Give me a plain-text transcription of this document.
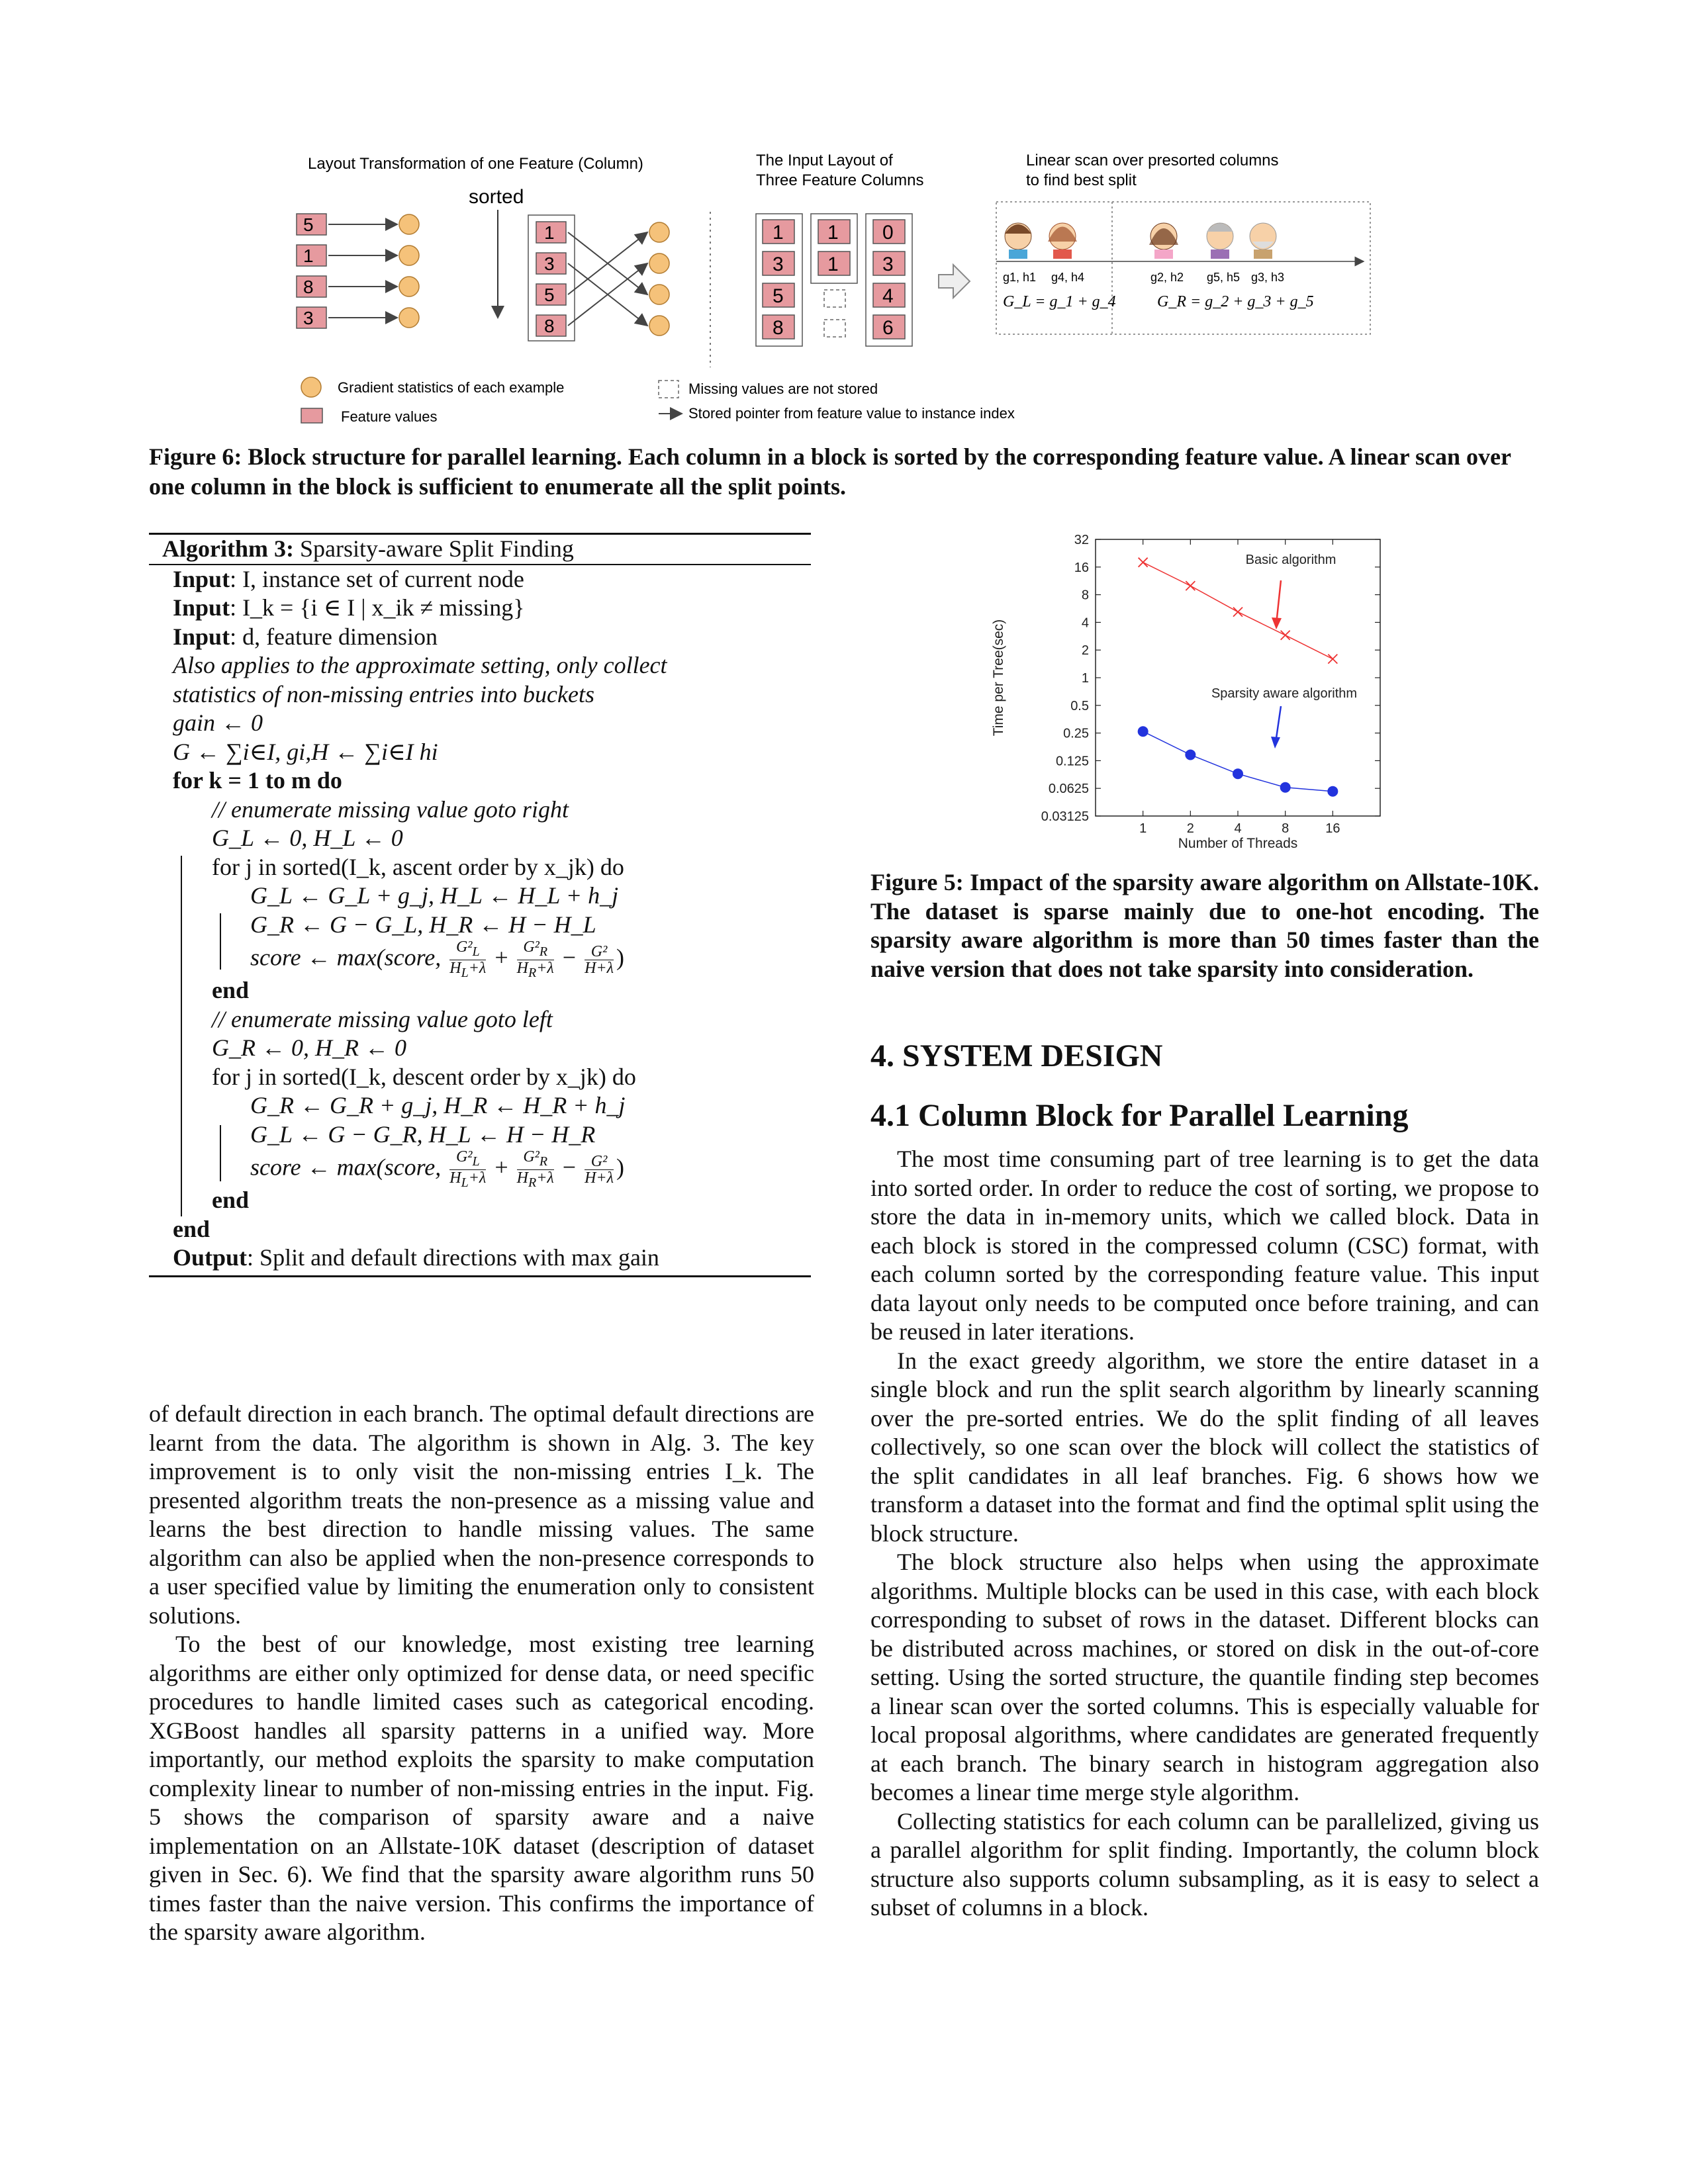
Layout Transformation of one Feature (Column)
sorted
5
1
8
3
1
3
5
8
The Input Layout of
Three Feature Columns
1
3
5
8
1
1
0
3
4
6
Linear scan over presorted columns
to find best split
g1, h1 g4, h4	g2, h2 g5, h5 g3, h3
G_L = g_1 + g_4	G_R = g_2 + g_3 + g_5
Gradient statistics of each example
Feature values
Missing values are not stored
Stored pointer from feature value to instance index
Figure 6: Block structure for parallel learning. Each column in a block is sorted by the corresponding feature value. A linear scan over one column in the block is sufficient to enumerate all the split points.
Algorithm 3: Sparsity-aware Split Finding
Input: I, instance set of current node
Input: I_k = {i ∈ I | x_ik ≠ missing}
Input: d, feature dimension
Also applies to the approximate setting, only collect
statistics of non-missing entries into buckets
gain ← 0
G ← ∑i∈I, gi,H ← ∑i∈I hi
for k = 1 to m do
// enumerate missing value goto right
G_L ← 0, H_L ← 0
for j in sorted(I_k, ascent order by x_jk) do
G_L ← G_L + g_j, H_L ← H_L + h_j
G_R ← G − G_L, H_R ← H − H_L
score ← max(score, $\frac{G^2_L}{H_L+\lambda} + \frac{G^2_R}{H_R+\lambda} - \frac{\text{G²}}{H+\lambda}$ )
end
// enumerate missing value goto left
G_R ← 0, H_R ← 0
for j in sorted(I_k, descent order by x_jk) do
G_R ← G_R + g_j, H_R ← H_R + h_j
G_L ← G − G_R, H_L ← H − H_R
score ← max(score, $\frac{G^2_L}{H_L+\lambda} + \frac{G^2_R}{H_R+\lambda} - \frac{\text{G²}}{H+\lambda}$ )
end
end
Output: Split and default directions with max gain

of default direction in each branch. The optimal default directions are learnt from the data. The algorithm is shown in Alg. 3. The key improvement is to only visit the non-missing entries I_k. The presented algorithm treats the non-presence as a missing value and learns the best direction to handle missing values. The same algorithm can also be applied when the non-presence corresponds to a user specified value by limiting the enumeration only to consistent solutions.

To the best of our knowledge, most existing tree learning algorithms are either only optimized for dense data, or need specific procedures to handle limited cases such as categorical encoding. XGBoost handles all sparsity patterns in a unified way. More importantly, our method exploits the sparsity to make computation complexity linear to number of non-missing entries in the input. Fig. 5 shows the comparison of sparsity aware and a naive implementation on an Allstate-10K dataset (description of dataset given in Sec. 6). We find that the sparsity aware algorithm runs 50 times faster than the naive version. This confirms the importance of the sparsity aware algorithm.

0.03125
0.0625
0.125
0.25
0.5
1
2
4
8
16
32
1	2	4	8	16
Number of Threads
Time per Tree(sec)
Basic algorithm
Sparsity aware algorithm
Figure 5: Impact of the sparsity aware algorithm on Allstate-10K. The dataset is sparse mainly due to one-hot encoding. The sparsity aware algorithm is more than 50 times faster than the naive version that does not take sparsity into consideration.
4. SYSTEM DESIGN
4.1 Column Block for Parallel Learning

The most time consuming part of tree learning is to get the data into sorted order. In order to reduce the cost of sorting, we propose to store the data in in-memory units, which we called block. Data in each block is stored in the compressed column (CSC) format, with each column sorted by the corresponding feature value. This input data layout only needs to be computed once before training, and can be reused in later iterations.

In the exact greedy algorithm, we store the entire dataset in a single block and run the split search algorithm by linearly scanning over the pre-sorted entries. We do the split finding of all leaves collectively, so one scan over the block will collect the statistics of the split candidates in all leaf branches. Fig. 6 shows how we transform a dataset into the format and find the optimal split using the block structure.

The block structure also helps when using the approximate algorithms. Multiple blocks can be used in this case, with each block corresponding to subset of rows in the dataset. Different blocks can be distributed across machines, or stored on disk in the out-of-core setting. Using the sorted structure, the quantile finding step becomes a linear scan over the sorted columns. This is especially valuable for local proposal algorithms, where candidates are generated frequently at each branch. The binary search in histogram aggregation also becomes a linear time merge style algorithm.

Collecting statistics for each column can be parallelized, giving us a parallel algorithm for split finding. Importantly, the column block structure also supports column subsampling, as it is easy to select a subset of columns in a block.
